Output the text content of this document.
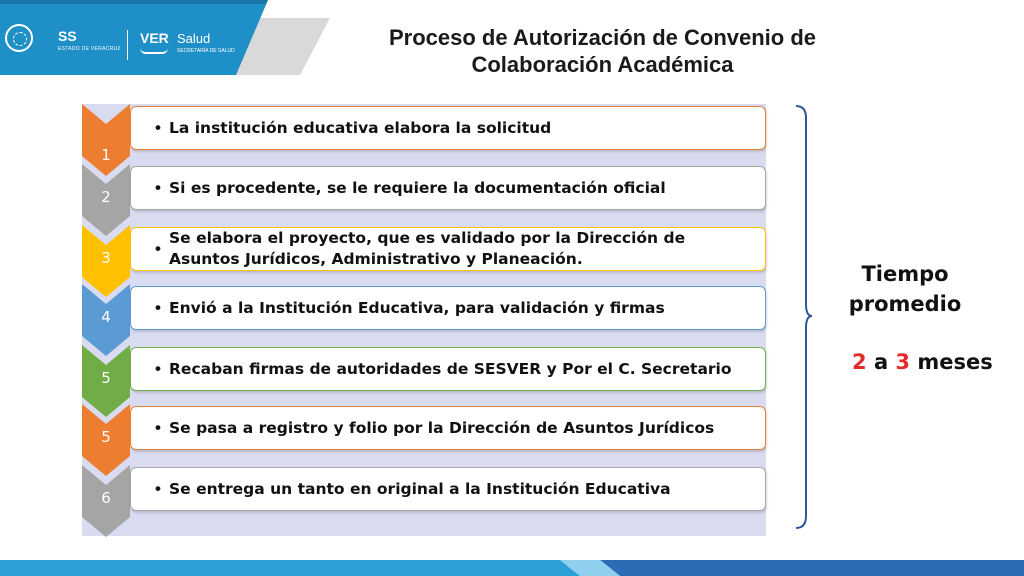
SS
ESTADO DE VERACRUZ
VER Salud
SECRETARÍA DE SALUD
Proceso de Autorización de Convenio de Colaboración Académica
1
• La institución educativa elabora la solicitud
2	• Si es procedente, se le requiere la documentación oficial
3	•
Se elabora el proyecto, que es validado por la Dirección de Asuntos Jurídicos, Administrativo y Planeación.
4	• Envió a la Institución Educativa, para validación y firmas
5	• Recaban firmas de autoridades de SESVER y Por el C. Secretario
5	• Se pasa a registro y folio por la Dirección de Asuntos Jurídicos
6	• Se entrega un tanto en original a la Institución Educativa
Tiempo
promedio
2 a 3 meses
